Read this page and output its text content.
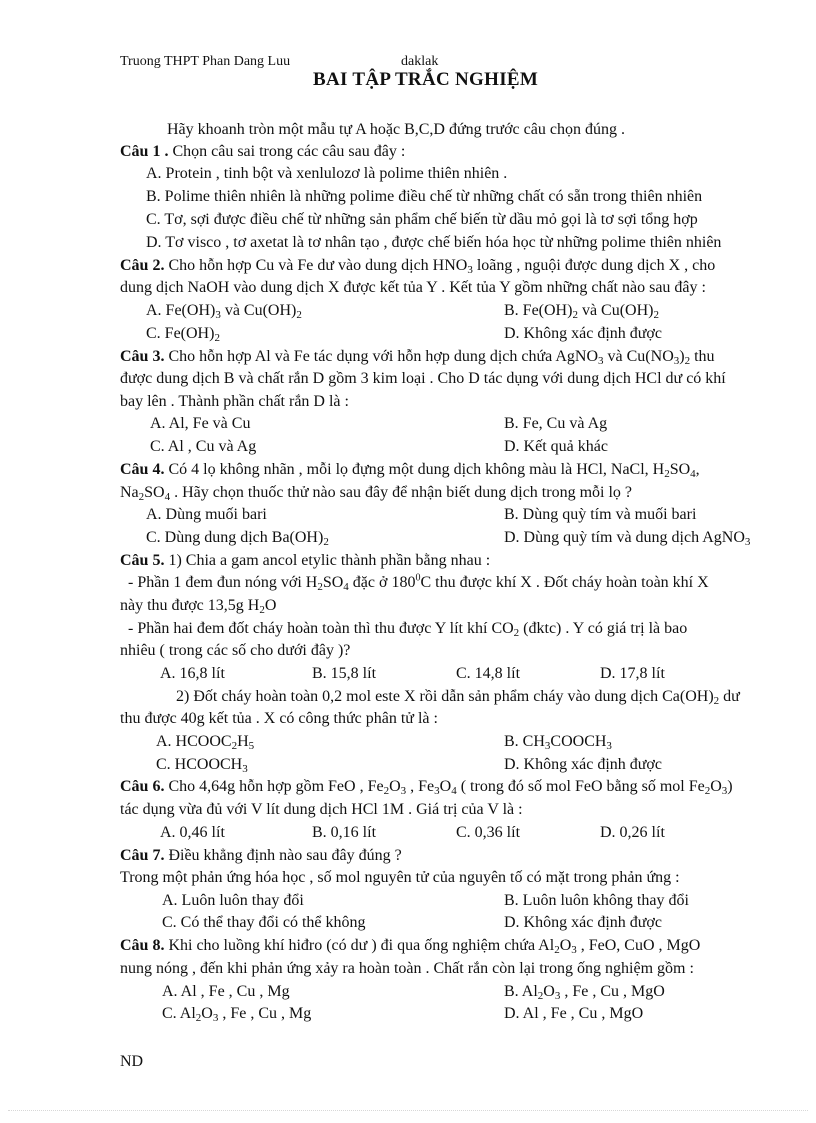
Truong THPT Phan Dang Luu	daklak
BAI TẬP TRẮC NGHIỆM
Hãy khoanh tròn một mẫu tự A hoặc B,C,D đứng trước câu chọn đúng .
Câu 1 . Chọn câu sai trong các câu sau đây :
A. Protein , tinh bột và xenlulozơ là polime thiên nhiên .
B. Polime thiên nhiên là những polime điều chế từ những chất có sẵn trong thiên nhiên
C. Tơ, sợi được điều chế từ những sản phẩm chế biến từ dầu mỏ gọi là tơ sợi tổng hợp
D. Tơ visco , tơ axetat là tơ nhân tạo , được chế biến hóa học từ những polime thiên nhiên
Câu 2. Cho hỗn hợp Cu và Fe dư vào dung dịch $HNO_3$ loãng , nguội được dung dịch X , cho
dung dịch NaOH vào dung dịch X được kết tủa Y . Kết tủa Y gồm những chất nào sau đây :
A. $Fe(OH)_3$ và $Cu(OH)_2$	B. $Fe(OH)_2$ và $Cu(OH)_2$
C. $Fe(OH)_2$	D. Không xác định được
Câu 3. Cho hỗn hợp Al và Fe tác dụng với hỗn hợp dung dịch chứa AgNO$_3$ và $Cu(NO_3)_2$ thu
được dung dịch B và chất rắn D gồm 3 kim loại . Cho D tác dụng với dung dịch HCl dư có khí
bay lên . Thành phần chất rắn D là :
A. Al, Fe và Cu	B. Fe, Cu và Ag
C. Al , Cu và Ag	D. Kết quả khác
Câu 4. Có 4 lọ không nhãn , mỗi lọ đựng một dung dịch không màu là HCl, NaCl, $H_2SO_4$,
$Na_2SO_4$ . Hãy chọn thuốc thử nào sau đây để nhận biết dung dịch trong mỗi lọ ?
A. Dùng muối bari	B. Dùng quỳ tím và muối bari
C. Dùng dung dịch $Ba(OH)_2$	D. Dùng quỳ tím và dung dịch AgNO$_3$
Câu 5. 1) Chia a gam ancol etylic thành phần bằng nhau :
- Phần 1 đem đun nóng với $H_2SO_4$ đặc ở $180^0C$ thu được khí X . Đốt cháy hoàn toàn khí X
này thu được 13,5g $H_2O$
- Phần hai đem đốt cháy hoàn toàn thì thu được Y lít khí $CO_2$ (đktc) . Y có giá trị là bao
nhiêu ( trong các số cho dưới đây )?
A. 16,8 lít	B. 15,8 lít	C. 14,8 lít	D. 17,8 lít
2) Đốt cháy hoàn toàn 0,2 mol este X rồi dẫn sản phẩm cháy vào dung dịch $Ca(OH)_2$ dư
thu được 40g kết tủa . X có công thức phân tử là :
A. $HCOOC_2H_5$	B. $CH_3COOCH_3$
C. $HCOOCH_3$	D. Không xác định được
Câu 6. Cho 4,64g hỗn hợp gồm FeO , $Fe_2O_3$ , $Fe_3O_4$ ( trong đó số mol FeO bằng số mol $Fe_2O_3$)
tác dụng vừa đủ với V lít dung dịch HCl 1M . Giá trị của V là :
A. 0,46 lít	B. 0,16 lít	C. 0,36 lít	D. 0,26 lít
Câu 7. Điều khẳng định nào sau đây đúng ?
Trong một phản ứng hóa học , số mol nguyên tử của nguyên tố có mặt trong phản ứng :
A. Luôn luôn thay đổi	B. Luôn luôn không thay đổi
C. Có thể thay đổi có thể không	D. Không xác định được
Câu 8. Khi cho luồng khí hiđro (có dư ) đi qua ống nghiệm chứa $Al_2O_3$ , FeO, CuO , MgO
nung nóng , đến khi phản ứng xảy ra hoàn toàn . Chất rắn còn lại trong ống nghiệm gồm :
A. Al , Fe , Cu , Mg	B. $Al_2O_3$ , Fe , Cu , MgO
C. $Al_2O_3$ , Fe , Cu , Mg	D. Al , Fe , Cu , MgO
ND
